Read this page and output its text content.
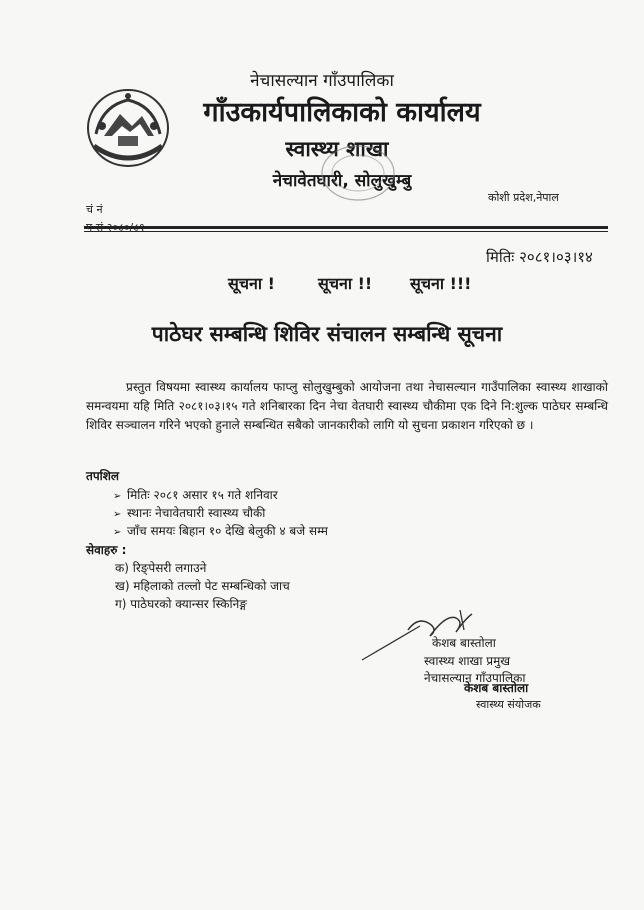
नेचासल्यान गाँउपालिका
गाँउकार्यपालिकाको कार्यालय
स्वास्थ्य शाखा
नेचावेतघारी, सोलुखुम्बु
कोशी प्रदेश,नेपाल
चं नं
मितिः २०८१।०३।१४
सूचना !	सूचना !! सूचना !!!
पाठेघर सम्बन्धि शिविर संचालन सम्बन्धि सूचना
प्रस्तुत विषयमा स्वास्थ्य कार्यालय फाप्लु सोलुखुम्बुको आयोजना तथा नेचासल्यान गाउँपालिका स्वास्थ्य शाखाको समन्वयमा यहि मिति २०८१।०३।१५ गते शनिबारका दिन नेचा वेतघारी स्वास्थ्य चौकीमा एक दिने नि:शुल्क पाठेघर सम्बन्धि शिविर सञ्चालन गरिने भएको हुनाले सम्बन्धित सबैको जानकारीको लागि यो सुचना प्रकाशन गरिएको छ ।
तपशिल
➢ मितिः २०८१ असार १५ गते शनिवार
➢ स्थानः नेचावेतघारी स्वास्थ्य चौकी
➢ जाँच समयः बिहान १० देखि बेलुकी ४ बजे सम्म
सेवाहरु :
क) रिङ्पेसरी लगाउने
ख) महिलाको तल्लो पेट सम्बन्धिको जाच
ग) पाठेघरको क्यान्सर स्किनिङ्ग
केशब बास्तोला
स्वास्थ्य शाखा प्रमुख
नेचासल्यान गाँउपालिका
केशब बास्तोला
स्वास्थ्य संयोजक
